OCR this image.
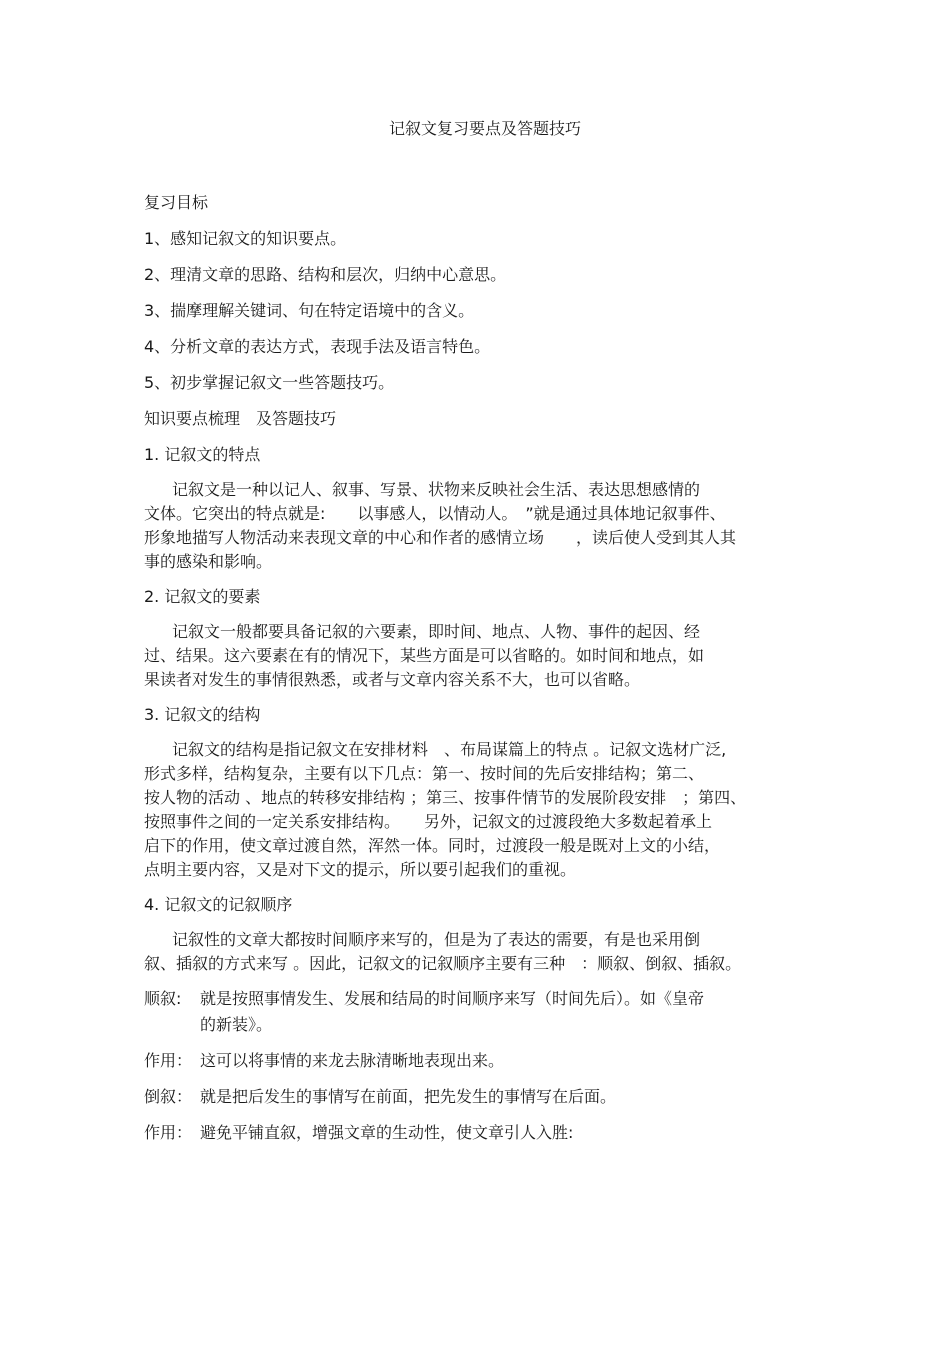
记叙文复习要点及答题技巧
复习目标
1、感知记叙文的知识要点。
2、理清文章的思路、结构和层次，归纳中心意思。
3、揣摩理解关键词、句在特定语境中的含义。
4、分析文章的表达方式，表现手法及语言特色。
5、初步掌握记叙文一些答题技巧。
知识要点梳理　及答题技巧
1. 记叙文的特点
记叙文是一种以记人、叙事、写景、状物来反映社会生活、表达思想感情的
文体。它突出的特点就是:　　以事感人，以情动人。　”就是通过具体地记叙事件、
形象地描写人物活动来表现文章的中心和作者的感情立场　　，读后使人受到其人其
事的感染和影响。
2. 记叙文的要素
记叙文一般都要具备记叙的六要素，即时间、地点、人物、事件的起因、经
过、结果。这六要素在有的情况下，某些方面是可以省略的。如时间和地点，如
果读者对发生的事情很熟悉，或者与文章内容关系不大，也可以省略。
3. 记叙文的结构
记叙文的结构是指记叙文在安排材料　、布局谋篇上的特点 。记叙文选材广泛,
形式多样，结构复杂，主要有以下几点：第一、按时间的先后安排结构；第二、
按人物的活动 、地点的转移安排结构 ；第三、按事件情节的发展阶段安排　；第四、
按照事件之间的一定关系安排结构。　　另外，记叙文的过渡段绝大多数起着承上
启下的作用，使文章过渡自然，浑然一体。同时，过渡段一般是既对上文的小结，
点明主要内容，又是对下文的提示，所以要引起我们的重视。
4. 记叙文的记叙顺序
记叙性的文章大都按时间顺序来写的，但是为了表达的需要，有是也采用倒
叙、插叙的方式来写 。因此，记叙文的记叙顺序主要有三种　：顺叙、倒叙、插叙。
顺叙:	就是按照事情发生、发展和结局的时间顺序来写（时间先后）。如《皇帝
的新装》。
作用： 这可以将事情的来龙去脉清晰地表现出来。
倒叙： 就是把后发生的事情写在前面，把先发生的事情写在后面。
作用： 避免平铺直叙，增强文章的生动性，使文章引人入胜:
